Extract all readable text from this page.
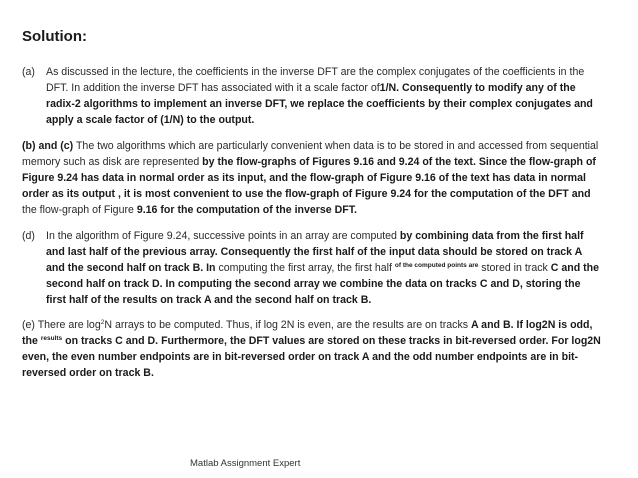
Solution:
(a) As discussed in the lecture, the coefficients in the inverse DFT are the complex conjugates of the coefficients in the DFT. In addition the inverse DFT has associated with it a scale factor of1/N. Consequently to modify any of the radix-2 algorithms to implement an inverse DFT, we replace the coefficients by their complex conjugates and apply a scale factor of (1/N) to the output.
(b) and (c) The two algorithms which are particularly convenient when data is to be stored in and accessed from sequential memory such as disk are represented by the flow-graphs of Figures 9.16 and 9.24 of the text. Since the flow-graph of Figure 9.24 has data in normal order as its input, and the flow-graph of Figure 9.16 of the text has data in normal order as its output , it is most convenient to use the flow-graph of Figure 9.24 for the computation of the DFT and the flow-graph of Figure 9.16 for the computation of the inverse DFT.
(d) In the algorithm of Figure 9.24, successive points in an array are computed by combining data from the first half and last half of the previous array. Consequently the first half of the input data should be stored on track A and the second half on track B. In computing the first array, the first half $^{of the computed points are}$ stored in track C and the second half on track D. In computing the second array we combine the data on tracks C and D, storing the first half of the results on track A and the second half on track B.
(e) There are $\log^2N$ arrays to be computed. Thus, if log 2N is even, are the results are on tracks A and B. If log2N is odd, the $^{results}$ on tracks C and D. Furthermore, the DFT values are stored on these tracks in bit-reversed order. For log2N even, the even number endpoints are in bit-reversed order on track A and the odd number endpoints are in bit-reversed order on track B.
Matlab Assignment Expert
